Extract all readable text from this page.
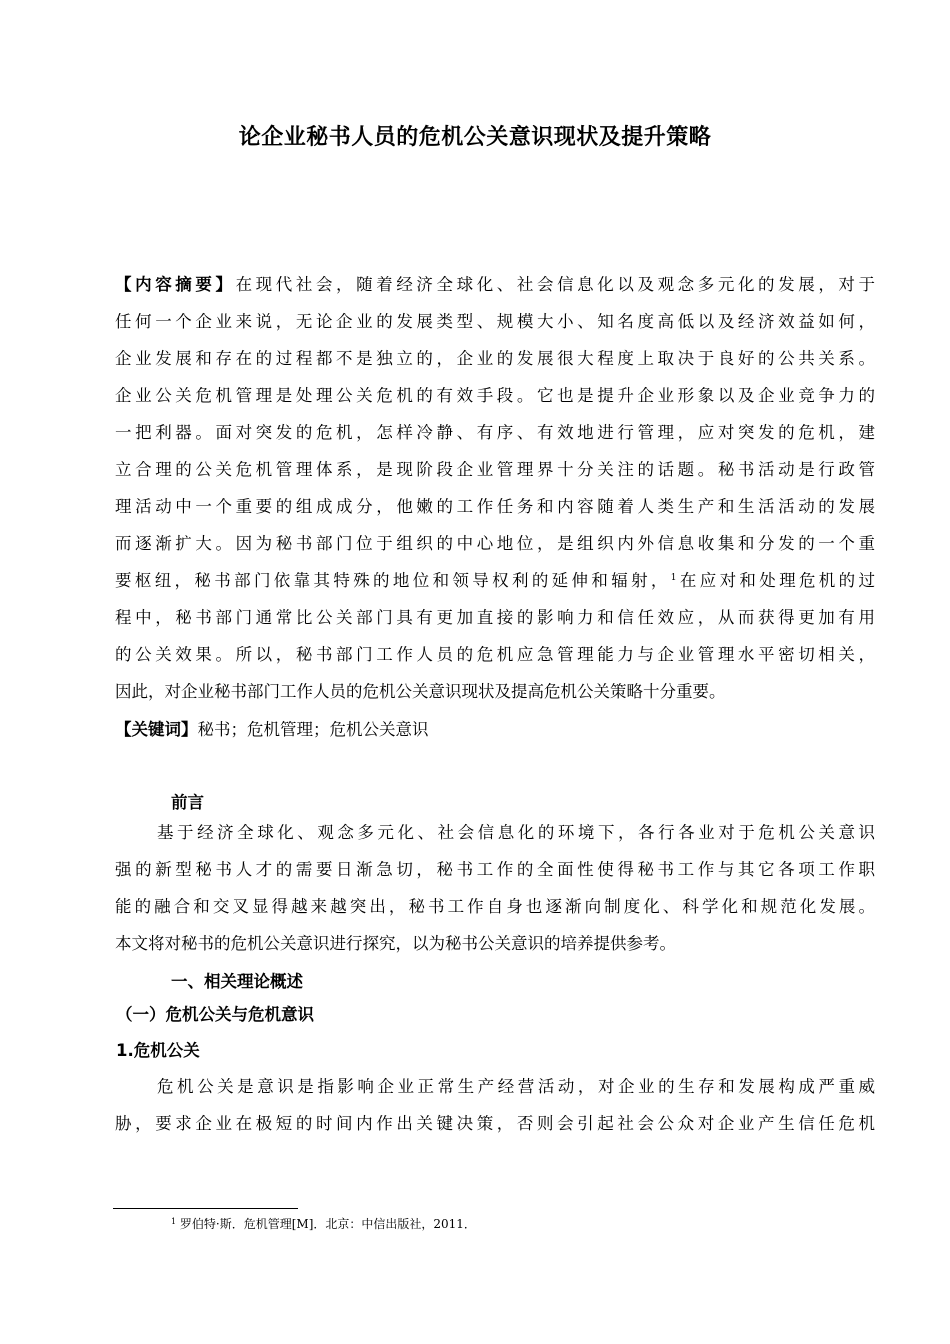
论企业秘书人员的危机公关意识现状及提升策略
【内容摘要】在现代社会，随着经济全球化、社会信息化以及观念多元化的发展，对于
任何一个企业来说，无论企业的发展类型、规模大小、知名度高低以及经济效益如何，
企业发展和存在的过程都不是独立的，企业的发展很大程度上取决于良好的公共关系。
企业公关危机管理是处理公关危机的有效手段。它也是提升企业形象以及企业竞争力的
一把利器。面对突发的危机，怎样冷静、有序、有效地进行管理，应对突发的危机，建
立合理的公关危机管理体系，是现阶段企业管理界十分关注的话题。秘书活动是行政管
理活动中一个重要的组成成分，他嫩的工作任务和内容随着人类生产和生活活动的发展
而逐渐扩大。因为秘书部门位于组织的中心地位，是组织内外信息收集和分发的一个重
要枢纽，秘书部门依靠其特殊的地位和领导权利的延伸和辐射，$^1$在应对和处理危机的过
程中，秘书部门通常比公关部门具有更加直接的影响力和信任效应，从而获得更加有用
的公关效果。所以，秘书部门工作人员的危机应急管理能力与企业管理水平密切相关，
因此，对企业秘书部门工作人员的危机公关意识现状及提高危机公关策略十分重要。
【关键词】秘书；危机管理；危机公关意识
前言
基于经济全球化、观念多元化、社会信息化的环境下，各行各业对于危机公关意识
强的新型秘书人才的需要日渐急切，秘书工作的全面性使得秘书工作与其它各项工作职
能的融合和交叉显得越来越突出，秘书工作自身也逐渐向制度化、科学化和规范化发展。
本文将对秘书的危机公关意识进行探究，以为秘书公关意识的培养提供参考。
一、相关理论概述
（一）危机公关与危机意识
1.危机公关
危机公关是意识是指影响企业正常生产经营活动，对企业的生存和发展构成严重威
胁，要求企业在极短的时间内作出关键决策，否则会引起社会公众对企业产生信任危机
$^1$ 罗伯特·斯．危机管理[M]．北京：中信出版社，2011．
